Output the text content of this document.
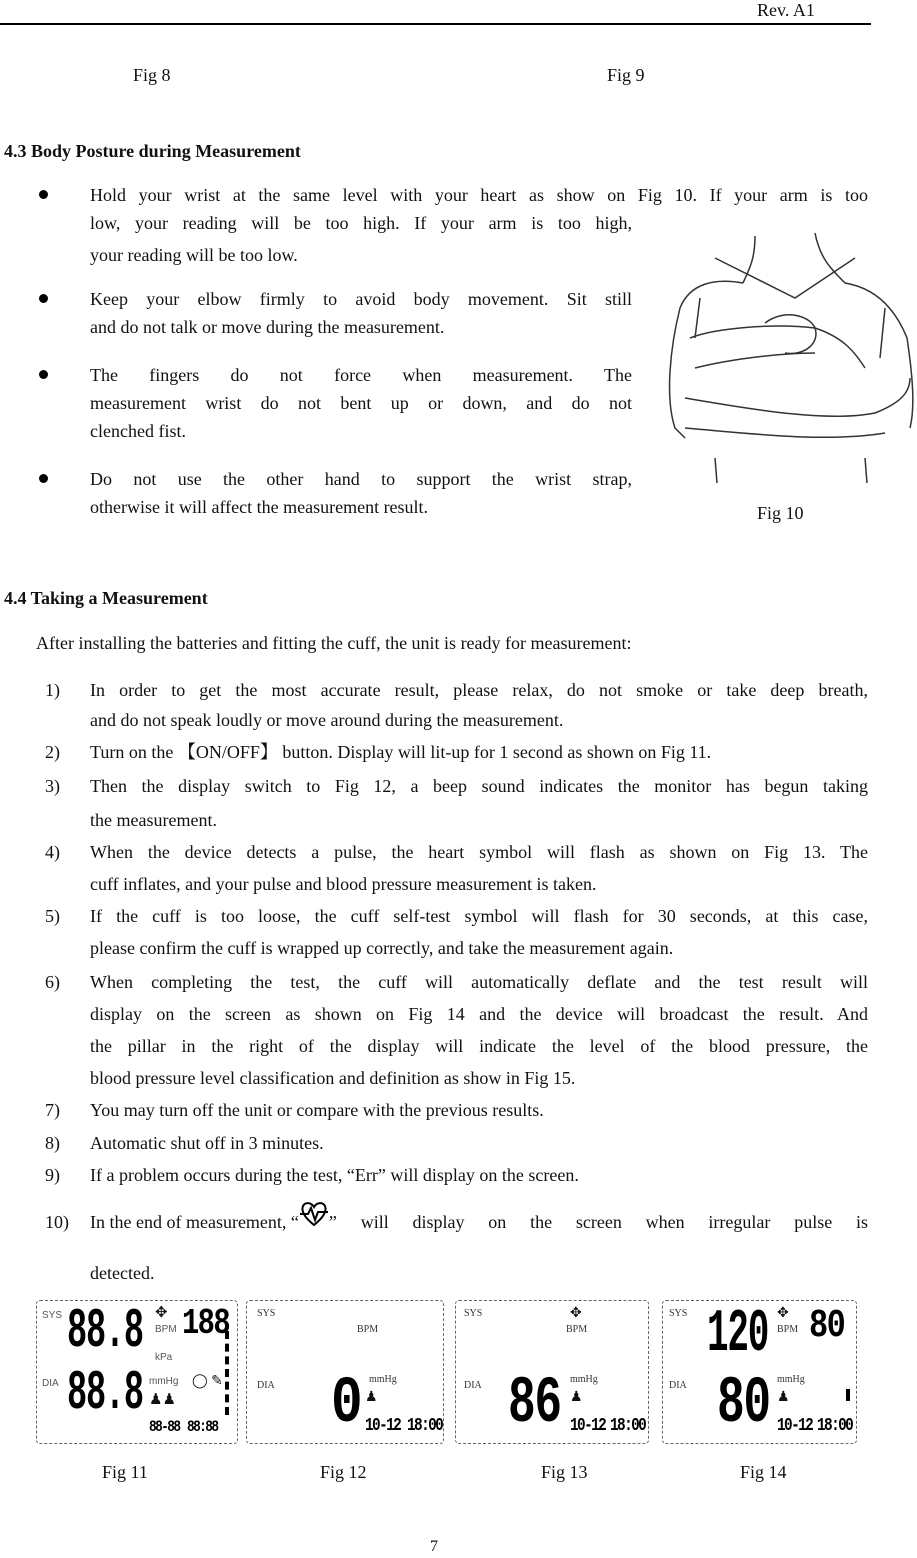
Rev. A1
Fig 8	Fig 9
4.3 Body Posture during Measurement
Hold your wrist at the same level with your heart as show on Fig 10. If your arm is too
low, your reading will be too high. If your arm is too high,
your reading will be too low.
Keep your elbow firmly to avoid body movement. Sit still
and do not talk or move during the measurement.
The fingers do not force when measurement. The
measurement wrist do not bent up or down, and do not
clenched fist.
Do not use the other hand to support the wrist strap,
otherwise it will affect the measurement result.	Fig 10
4.4 Taking a Measurement
After installing the batteries and fitting the cuff, the unit is ready for measurement:
1) In order to get the most accurate result, please relax, do not smoke or take deep breath,
and do not speak loudly or move around during the measurement.
2) Turn on the 【ON/OFF】 button. Display will lit-up for 1 second as shown on Fig 11.
3) Then the display switch to Fig 12, a beep sound indicates the monitor has begun taking
the measurement.
4) When the device detects a pulse, the heart symbol will flash as shown on Fig 13. The
cuff inflates, and your pulse and blood pressure measurement is taken.
5) If the cuff is too loose, the cuff self-test symbol will flash for 30 seconds, at this case,
please confirm the cuff is wrapped up correctly, and take the measurement again.
6) When completing the test, the cuff will automatically deflate and the test result will
display on the screen as shown on Fig 14 and the device will broadcast the result. And
the pillar in the right of the display will indicate the level of the blood pressure, the
blood pressure level classification and definition as show in Fig 15.
7) You may turn off the unit or compare with the previous results.
8) Automatic shut off in 3 minutes.
9) If a problem occurs during the test, “Err” will display on the screen.
10) In the end of measurement, “ ” will display on the screen when irregular pulse is
detected.
SYS 88.8 ✥
BPM 188
kPa
DIA 88.8 mmHg
♟♟
◯ ✎
88-88 88:88
SYS
BPM
DIA 0 mmHg
♟
10-12 18:00
SYS	✥
BPM
DIA 86 mmHg
♟
10-12 18:00
SYS 120 ✥
BPM 80
DIA 80 mmHg
♟
10-12 18:00
Fig 11	Fig 12	Fig 13	Fig 14
7
